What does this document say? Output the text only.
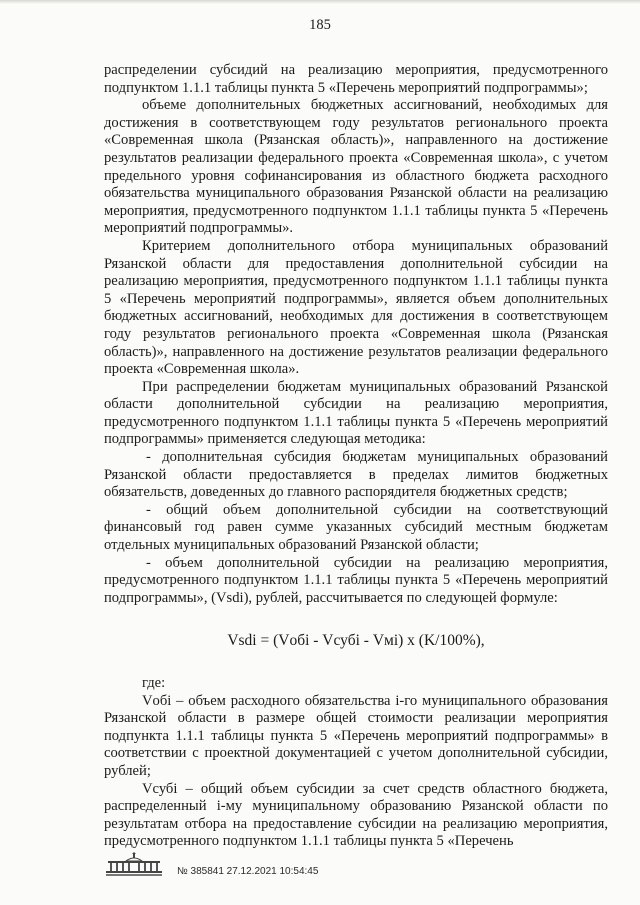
185

распределении субсидий на реализацию мероприятия, предусмотренного подпунктом 1.1.1 таблицы пункта 5 «Перечень мероприятий подпрограммы»;

объеме дополнительных бюджетных ассигнований, необходимых для достижения в соответствующем году результатов регионального проекта «Современная школа (Рязанская область)», направленного на достижение результатов реализации федерального проекта «Современная школа», с учетом предельного уровня софинансирования из областного бюджета расходного обязательства муниципального образования Рязанской области на реализацию мероприятия, предусмотренного подпунктом 1.1.1 таблицы пункта 5 «Перечень мероприятий подпрограммы».

Критерием дополнительного отбора муниципальных образований Рязанской области для предоставления дополнительной субсидии на реализацию мероприятия, предусмотренного подпунктом 1.1.1 таблицы пункта 5 «Перечень мероприятий подпрограммы», является объем дополнительных бюджетных ассигнований, необходимых для достижения в соответствующем году результатов регионального проекта «Современная школа (Рязанская область)», направленного на достижение результатов реализации федерального проекта «Современная школа».

При распределении бюджетам муниципальных образований Рязанской области дополнительной субсидии на реализацию мероприятия, предусмотренного подпунктом 1.1.1 таблицы пункта 5 «Перечень мероприятий подпрограммы» применяется следующая методика:

- дополнительная субсидия бюджетам муниципальных образований Рязанской области предоставляется в пределах лимитов бюджетных обязательств, доведенных до главного распорядителя бюджетных средств;

- общий объем дополнительной субсидии на соответствующий финансовый год равен сумме указанных субсидий местным бюджетам отдельных муниципальных образований Рязанской области;

- объем дополнительной субсидии на реализацию мероприятия, предусмотренного подпунктом 1.1.1 таблицы пункта 5 «Перечень мероприятий подпрограммы», (Vsdi), рублей, рассчитывается по следующей формуле:

Vsdi = (Vобі - Vсубі - Vмі) х (K/100%),

где:

Vобі – объем расходного обязательства і-го муниципального образования Рязанской области в размере общей стоимости реализации мероприятия подпункта 1.1.1 таблицы пункта 5 «Перечень мероприятий подпрограммы» в соответствии с проектной документацией с учетом дополнительной субсидии, рублей;

Vсубі – общий объем субсидии за счет средств областного бюджета, распределенный і-му муниципальному образованию Рязанской области по результатам отбора на предоставление субсидии на реализацию мероприятия, предусмотренного подпунктом 1.1.1 таблицы пункта 5 «Перечень

№ 385841 27.12.2021 10:54:45
